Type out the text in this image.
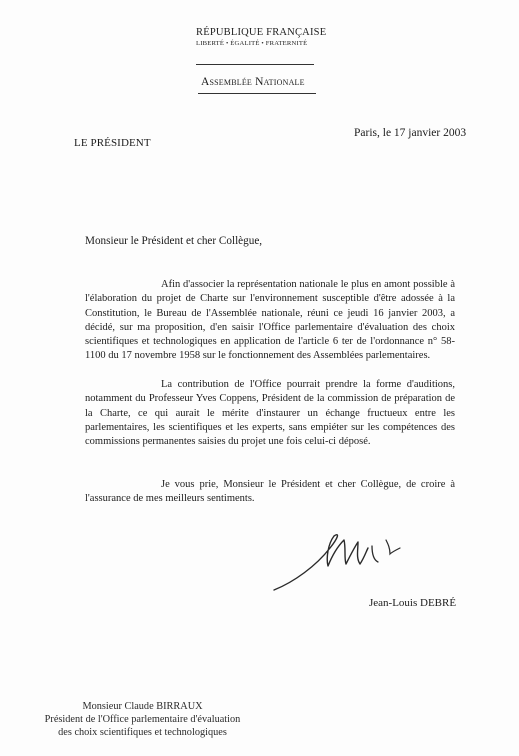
RÉPUBLIQUE FRANÇAISE
LIBERTÉ • ÉGALITÉ • FRATERNITÉ
Assemblée Nationale
LE PRÉSIDENT
Paris, le 17 janvier 2003
Monsieur le Président et cher Collègue,

Afin d'associer la représentation nationale le plus en amont possible à l'élaboration du projet de Charte sur l'environnement susceptible d'être adossée à la Constitution, le Bureau de l'Assemblée nationale, réuni ce jeudi 16 janvier 2003, a décidé, sur ma proposition, d'en saisir l'Office parlementaire d'évaluation des choix scientifiques et technologiques en application de l'article 6 ter de l'ordonnance n° 58-1100 du 17 novembre 1958 sur le fonctionnement des Assemblées parlementaires.

La contribution de l'Office pourrait prendre la forme d'auditions, notamment du Professeur Yves Coppens, Président de la commission de préparation de la Charte, ce qui aurait le mérite d'instaurer un échange fructueux entre les parlementaires, les scientifiques et les experts, sans empiéter sur les compétences des commissions permanentes saisies du projet une fois celui-ci déposé.

Je vous prie, Monsieur le Président et cher Collègue, de croire à l'assurance de mes meilleurs sentiments.

Jean-Louis DEBRÉ
Monsieur Claude BIRRAUX
Président de l'Office parlementaire d'évaluation
des choix scientifiques et technologiques
